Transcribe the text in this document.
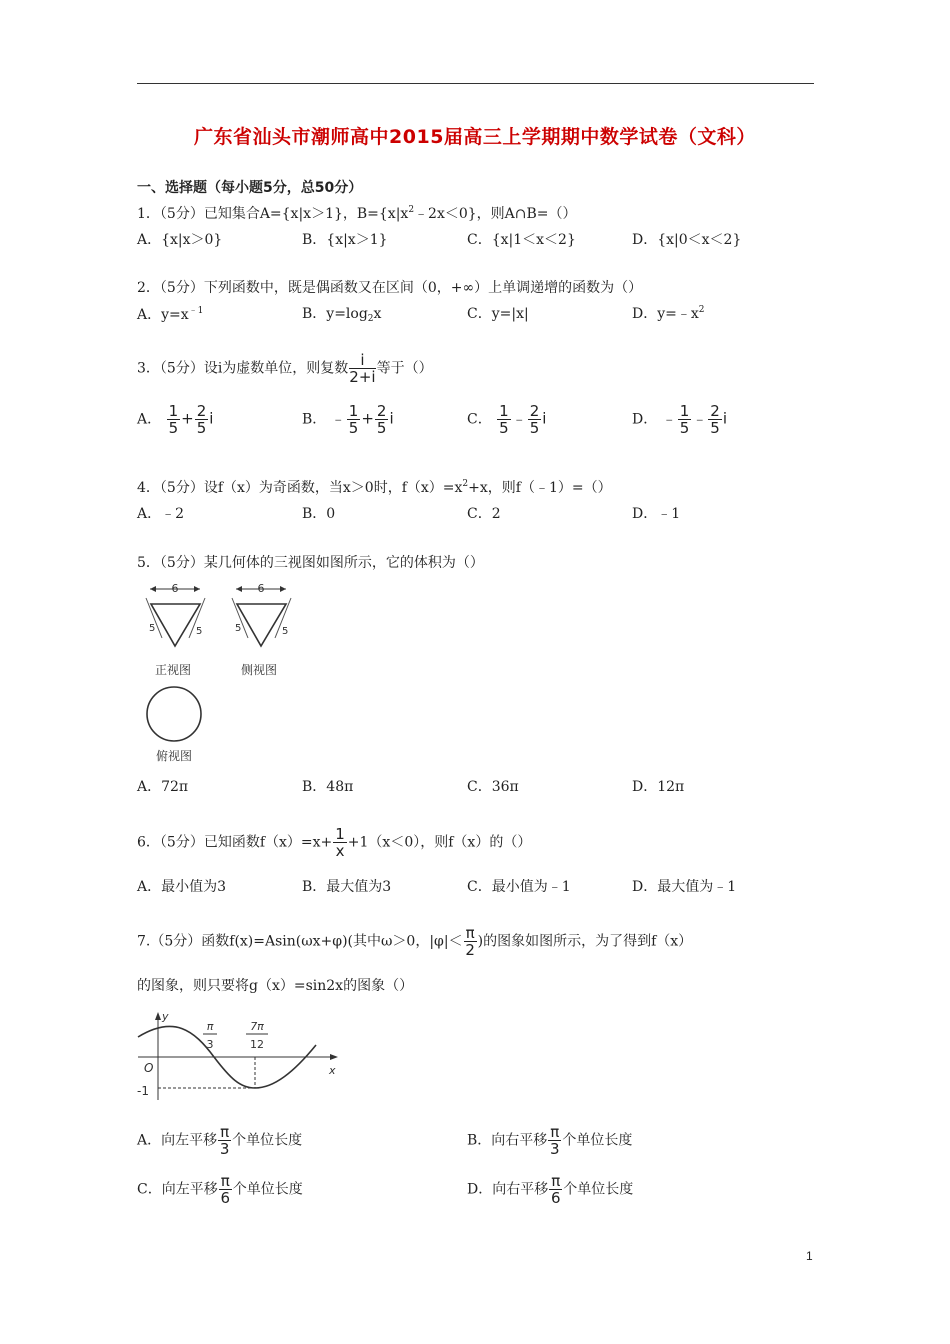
广东省汕头市潮师高中2015届高三上学期期中数学试卷（文科）
一、选择题（每小题5分，总50分）
1．（5分）已知集合A={x|x＞1}，$B=\{x|x^2﹣2x<0\}$，则A∩B=（）
A．{x|x＞0}	B．{x|x＞1}	C．{x|1＜x＜2}	D．{x|0＜x＜2}
2．（5分）下列函数中，既是偶函数又在区间（0，+∞）上单调递增的函数为（）
A．$y=x^{﹣1}$	B．$y=\log_2x$	C．y=|x|	D．$y=﹣x^2$
3．（5分）设i为虚数单位，则复数 $\frac{i}{2+i}$ 等于（）
A． $\frac{1}{5} + \frac{2}{5}$ i	B． ﹣ $\frac{1}{5} + \frac{2}{5}$ i	C． $\frac{1}{5}$ ﹣ $\frac{2}{5}$ i	D． ﹣ $\frac{1}{5}$ ﹣ $\frac{2}{5}$ i
4．（5分）设f（x）为奇函数，当x＞0时，$f(x)=x^2+x$，则f（﹣1）=（）
A．﹣2	B．0	C．2	D．﹣1
5．（5分）某几何体的三视图如图所示，它的体积为（）
6
5	5
正视图
6
5	5
侧视图
俯视图
A．72π	B．48π	C．36π	D．12π
6．（5分）已知函数$f(x)=x+ \frac{1}{x} +1(x<0)$，则f（x）的（）
A．最小值为3	B．最大值为3	C．最小值为﹣1	D．最大值为﹣1
7.（5分）函数f(x)=Asin(ωx+φ)(其中ω＞0，$|\varphi|< \frac{\pi}{2}$ )的图象如图所示，为了得到f（x）
的图象，则只要将g（x）=sin2x的图象（）
y
x
O
-1
π
3
7π
12
A．向左平移 $\frac{\pi}{3}$ 个单位长度	B．向右平移 $\frac{\pi}{3}$ 个单位长度
C．向左平移 $\frac{\pi}{6}$ 个单位长度	D．向右平移 $\frac{\pi}{6}$ 个单位长度
1
